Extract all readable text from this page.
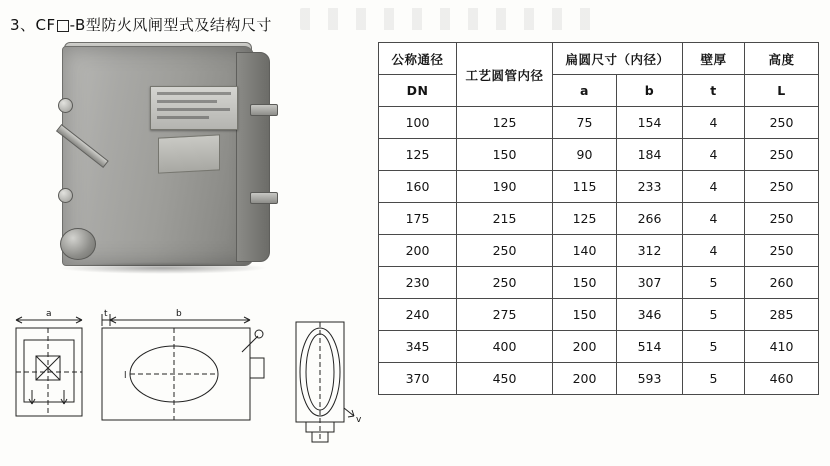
3、CF -B型防火风闸型式及结构尺寸
a	t	b
l
v
公称通径	工艺圆管内径	扁圆尺寸（内径）		壁厚	高度
DN		a	b	t	L
100	125	75	154	4	250
125	150	90	184	4	250
160	190	115	233	4	250
175	215	125	266	4	250
200	250	140	312	4	250
230	250	150	307	5	260
240	275	150	346	5	285
345	400	200	514	5	410
370	450	200	593	5	460
